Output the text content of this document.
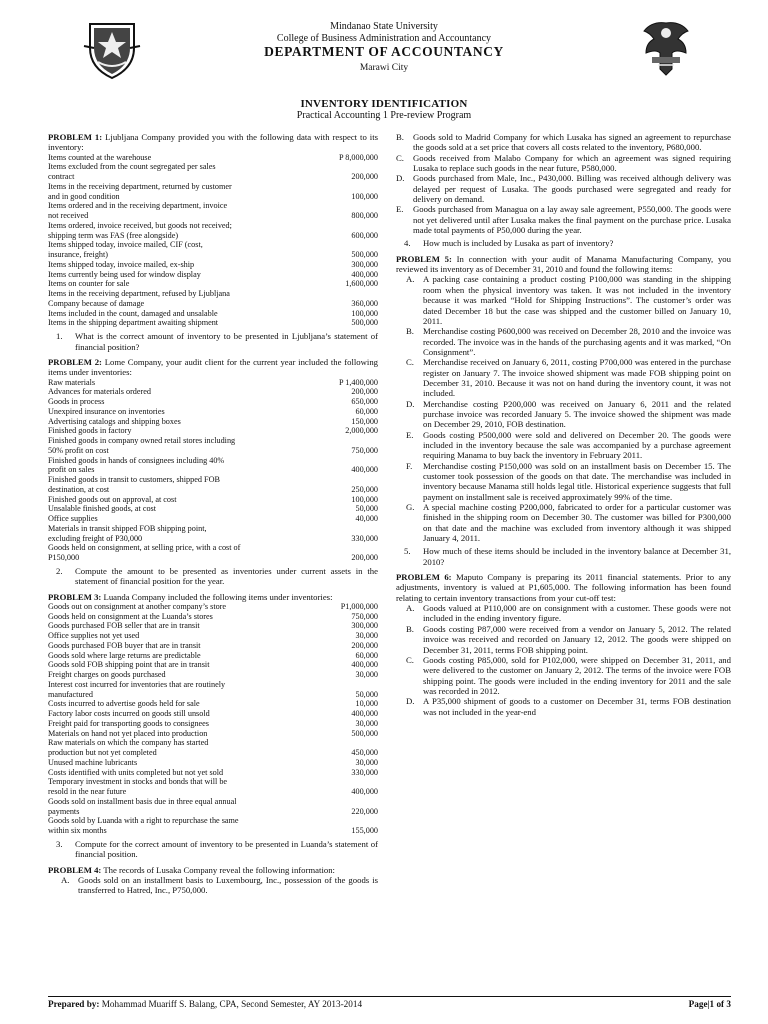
Mindanao State University
College of Business Administration and Accountancy
DEPARTMENT OF ACCOUNTANCY
Marawi City
INVENTORY IDENTIFICATION
Practical Accounting 1 Pre-review Program

PROBLEM 1: Ljubljana Company provided you with the following data with respect to its inventory:

Items counted at the warehouse	P 8,000,000
Items excluded from the count segregated per sales	
contract	200,000
Items in the receiving department, returned by customer	
and in good condition	100,000
Items ordered and in the receiving department, invoice	
not received	800,000
Items ordered, invoice received, but goods not received;	
shipping term was FAS (free alongside)	600,000
Items shipped today, invoice mailed, CIF (cost,	
insurance, freight)	500,000
Items shipped today, invoice mailed, ex-ship	300,000
Items currently being used for window display	400,000
Items on counter for sale	1,600,000
Items in the receiving department, refused by Ljubljana	
Company because of damage	360,000
Items included in the count, damaged and unsalable	100,000
Items in the shipping department awaiting shipment	500,000
1.	What is the correct amount of inventory to be presented in Ljubljana’s statement of financial position?

PROBLEM 2: Lome Company, your audit client for the current year included the following items under inventories:

Raw materials	P 1,400,000
Advances for materials ordered	200,000
Goods in process	650,000
Unexpired insurance on inventories	60,000
Advertising catalogs and shipping boxes	150,000
Finished goods in factory	2,000,000
Finished goods in company owned retail stores including	
50% profit on cost	750,000
Finished goods in hands of consignees including 40%	
profit on sales	400,000
Finished goods in transit to customers, shipped FOB	
destination, at cost	250,000
Finished goods out on approval, at cost	100,000
Unsalable finished goods, at cost	50,000
Office supplies	40,000
Materials in transit shipped FOB shipping point,	
excluding freight of P30,000	330,000
Goods held on consignment, at selling price, with a cost of	
P150,000	200,000
2.	Compute the amount to be presented as inventories under current assets in the statement of financial position for the year.

PROBLEM 3: Luanda Company included the following items under inventories:

Goods out on consignment at another company’s store	P1,000,000
Goods held on consignment at the Luanda’s stores	750,000
Goods purchased FOB seller that are in transit	300,000
Office supplies not yet used	30,000
Goods purchased FOB buyer that are in transit	200,000
Goods sold where large returns are predictable	60,000
Goods sold FOB shipping point that are in transit	400,000
Freight charges on goods purchased	30,000
Interest cost incurred for inventories that are routinely	
manufactured	50,000
Costs incurred to advertise goods held for sale	10,000
Factory labor costs incurred on goods still unsold	400,000
Freight paid for transporting goods to consignees	30,000
Materials on hand not yet placed into production	500,000
Raw materials on which the company has started	
production but not yet completed	450,000
Unused machine lubricants	30,000
Costs identified with units completed but not yet sold	330,000
Temporary investment in stocks and bonds that will be	
resold in the near future	400,000
Goods sold on installment basis due in three equal annual	
payments	220,000
Goods sold by Luanda with a right to repurchase the same	
within six months	155,000
3.	Compute for the correct amount of inventory to be presented in Luanda’s statement of financial position.

PROBLEM 4: The records of Lusaka Company reveal the following information:

A. Goods sold on an installment basis to Luxembourg, Inc., possession of the goods is transferred to Hatred, Inc., P750,000.
B.	Goods sold to Madrid Company for which Lusaka has signed an agreement to repurchase the goods sold at a set price that covers all costs related to the inventory, P680,000.
C.	Goods received from Malabo Company for which an agreement was signed requiring Lusaka to replace such goods in the near future, P580,000.
D. Goods purchased from Male, Inc., P430,000. Billing was received although delivery was delayed per request of Lusaka. The goods purchased were segregated and ready for delivery on demand.
E.	Goods purchased from Managua on a lay away sale agreement, P550,000. The goods were not yet delivered until after Lusaka makes the final payment on the purchase price. Lusaka made total payments of P50,000 during the year.
4.	How much is included by Lusaka as part of inventory?

PROBLEM 5: In connection with your audit of Manama Manufacturing Company, you reviewed its inventory as of December 31, 2010 and found the following items:

A. A packing case containing a product costing P100,000 was standing in the shipping room when the physical inventory was taken. It was not included in the inventory because it was marked “Hold for Shipping Instructions”. The customer’s order was dated December 18 but the case was shipped and the customer billed on January 10, 2011.
B.	Merchandise costing P600,000 was received on December 28, 2010 and the invoice was recorded. The invoice was in the hands of the purchasing agents and it was marked, “On Consignment”.
C.	Merchandise received on January 6, 2011, costing P700,000 was entered in the purchase register on January 7. The invoice showed shipment was made FOB shipping point on December 31, 2010. Because it was not on hand during the inventory count, it was not included.
D. Merchandise costing P200,000 was received on January 6, 2011 and the related purchase invoice was recorded January 5. The invoice showed the shipment was made on December 29, 2010, FOB destination.
E.	Goods costing P500,000 were sold and delivered on December 20. The goods were included in the inventory because the sale was accompanied by a purchase agreement requiring Manama to buy back the inventory in February 2011.
F.	Merchandise costing P150,000 was sold on an installment basis on December 15. The customer took possession of the goods on that date. The merchandise was included in inventory because Manama still holds legal title. Historical experience suggests that full payment on installment sale is received approximately 99% of the time.
G. A special machine costing P200,000, fabricated to order for a particular customer was finished in the shipping room on December 30. The customer was billed for P300,000 on that date and the machine was excluded from inventory although it was shipped January 4, 2011.
5.	How much of these items should be included in the inventory balance at December 31, 2010?

PROBLEM 6: Maputo Company is preparing its 2011 financial statements. Prior to any adjustments, inventory is valued at P1,605,000. The following information has been found relating to certain inventory transactions from your cut-off test:

A. Goods valued at P110,000 are on consignment with a customer. These goods were not included in the ending inventory figure.
B.	Goods costing P87,000 were received from a vendor on January 5, 2012. The related invoice was received and recorded on January 12, 2012. The goods were shipped on December 31, 2011, terms FOB shipping point.
C.	Goods costing P85,000, sold for P102,000, were shipped on December 31, 2011, and were delivered to the customer on January 2, 2012. The terms of the invoice were FOB shipping point. The goods were included in the ending inventory for 2011 and the sale was recorded in 2012.
D. A P35,000 shipment of goods to a customer on December 31, terms FOB destination was not included in the year-end
Prepared by: Mohammad Muariff S. Balang, CPA, Second Semester, AY 2013-2014	Page|1 of 3
